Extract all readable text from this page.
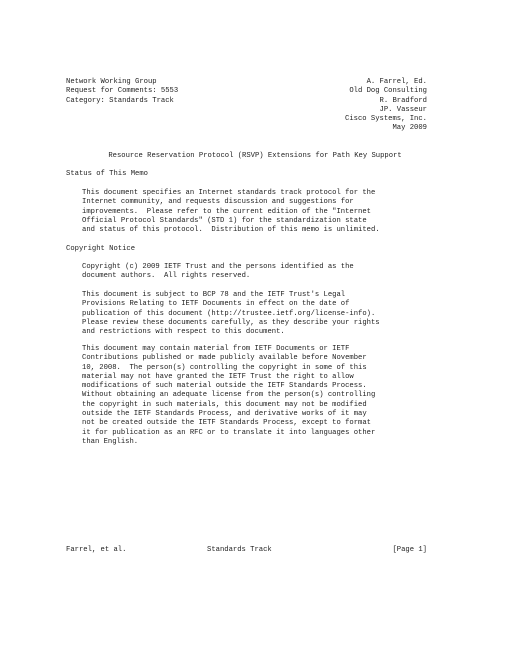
Network Working Group
Request for Comments: 5553
Category: Standards Track
A. Farrel, Ed.
Old Dog Consulting
R. Bradford
JP. Vasseur
Cisco Systems, Inc.
May 2009
Resource Reservation Protocol (RSVP) Extensions for Path Key Support
Status of This Memo
This document specifies an Internet standards track protocol for the
Internet community, and requests discussion and suggestions for
improvements.  Please refer to the current edition of the "Internet
Official Protocol Standards" (STD 1) for the standardization state
and status of this protocol.  Distribution of this memo is unlimited.
Copyright Notice
Copyright (c) 2009 IETF Trust and the persons identified as the
document authors.  All rights reserved.
This document is subject to BCP 78 and the IETF Trust's Legal
Provisions Relating to IETF Documents in effect on the date of
publication of this document (http://trustee.ietf.org/license-info).
Please review these documents carefully, as they describe your rights
and restrictions with respect to this document.
This document may contain material from IETF Documents or IETF
Contributions published or made publicly available before November
10, 2008.  The person(s) controlling the copyright in some of this
material may not have granted the IETF Trust the right to allow
modifications of such material outside the IETF Standards Process.
Without obtaining an adequate license from the person(s) controlling
the copyright in such materials, this document may not be modified
outside the IETF Standards Process, and derivative works of it may
not be created outside the IETF Standards Process, except to format
it for publication as an RFC or to translate it into languages other
than English.
Farrel, et al.	Standards Track	[Page 1]
